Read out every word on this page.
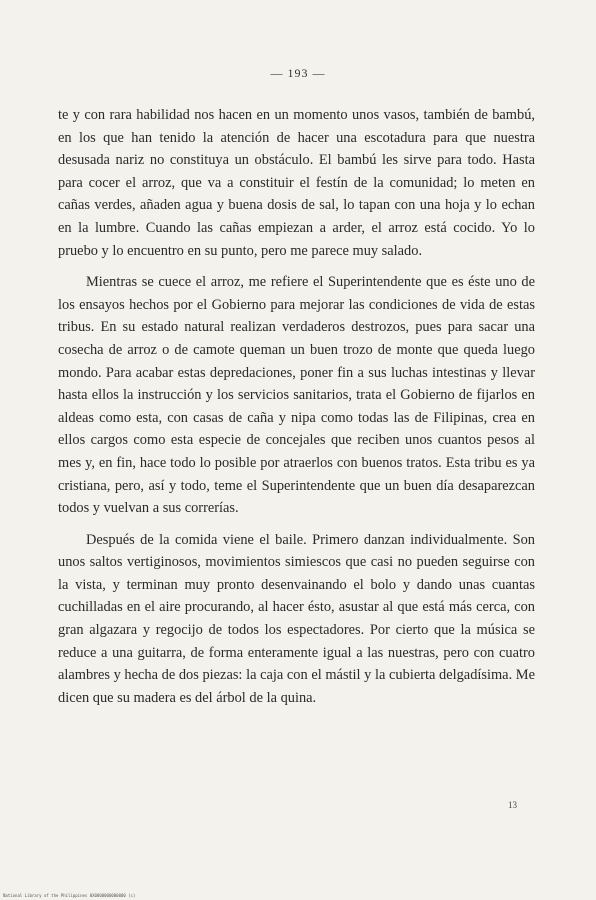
— 193 —

te y con rara habilidad nos hacen en un momento unos vasos, también de bambú, en los que han tenido la atención de hacer una escotadura para que nuestra desusada nariz no constituya un obstáculo. El bambú les sirve para todo. Hasta para cocer el arroz, que va a constituir el festín de la comunidad; lo meten en cañas verdes, añaden agua y buena dosis de sal, lo tapan con una hoja y lo echan en la lumbre. Cuando las cañas empiezan a arder, el arroz está cocido. Yo lo pruebo y lo encuentro en su punto, pero me parece muy salado.

Mientras se cuece el arroz, me refiere el Superintendente que es éste uno de los ensayos hechos por el Gobierno para mejorar las condiciones de vida de estas tribus. En su estado natural realizan verdaderos destrozos, pues para sacar una cosecha de arroz o de camote queman un buen trozo de monte que queda luego mondo. Para acabar estas depredaciones, poner fin a sus luchas intestinas y llevar hasta ellos la instrucción y los servicios sanitarios, trata el Gobierno de fijarlos en aldeas como esta, con casas de caña y nipa como todas las de Filipinas, crea en ellos cargos como esta especie de concejales que reciben unos cuantos pesos al mes y, en fin, hace todo lo posible por atraerlos con buenos tratos. Esta tribu es ya cristiana, pero, así y todo, teme el Superintendente que un buen día desaparezcan todos y vuelvan a sus correrías.

Después de la comida viene el baile. Primero danzan individualmente. Son unos saltos vertiginosos, movimientos simiescos que casi no pueden seguirse con la vista, y terminan muy pronto desenvainando el bolo y dando unas cuantas cuchilladas en el aire procurando, al hacer ésto, asustar al que está más cerca, con gran algazara y regocijo de todos los espectadores. Por cierto que la música se reduce a una guitarra, de forma enteramente igual a las nuestras, pero con cuatro alambres y hecha de dos piezas: la caja con el mástil y la cubierta delgadísima. Me dicen que su madera es del árbol de la quina.

13
National Library of the Philippines 0X0000000000000 (c)
